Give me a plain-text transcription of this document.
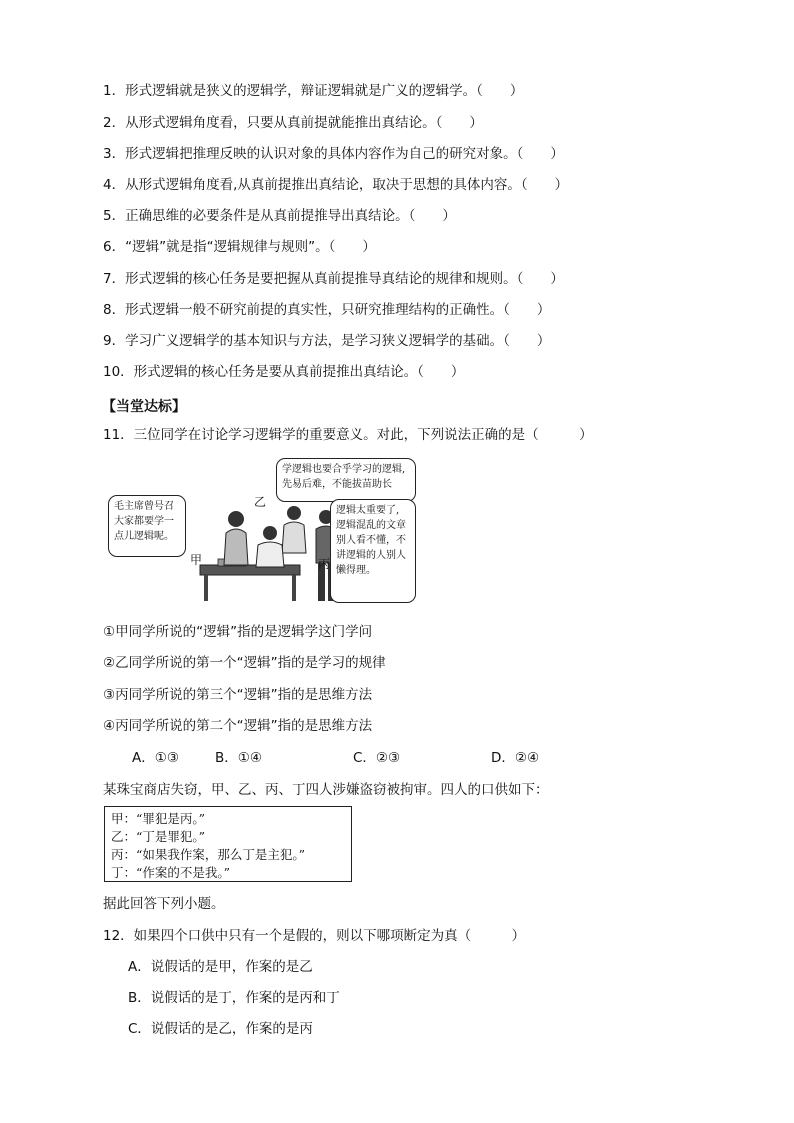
1．形式逻辑就是狭义的逻辑学，辩证逻辑就是广义的逻辑学。（　　）
2．从形式逻辑角度看，只要从真前提就能推出真结论。（　　）
3．形式逻辑把推理反映的认识对象的具体内容作为自己的研究对象。（　　）
4．从形式逻辑角度看,从真前提推出真结论，取决于思想的具体内容。（　　）
5．正确思维的必要条件是从真前提推导出真结论。（　　）
6．“逻辑”就是指“逻辑规律与规则”。（　　）
7．形式逻辑的核心任务是要把握从真前提推导真结论的规律和规则。（　　）
8．形式逻辑一般不研究前提的真实性，只研究推理结构的正确性。（　　）
9．学习广义逻辑学的基本知识与方法，是学习狭义逻辑学的基础。（　　）
10．形式逻辑的核心任务是要从真前提推出真结论。（　　）
【当堂达标】
11．三位同学在讨论学习逻辑学的重要意义。对此，下列说法正确的是（　　　）
毛主席曾号召
大家都要学一
点儿逻辑呢。
学逻辑也要合乎学习的逻辑,
先易后难，不能拔苗助长
逻辑太重要了,
逻辑混乱的文章
别人看不懂，不
讲逻辑的人别人
懒得理。
甲
乙
丙
①甲同学所说的“逻辑”指的是逻辑学这门学问
②乙同学所说的第一个“逻辑”指的是学习的规律
③丙同学所说的第三个“逻辑”指的是思维方法
④丙同学所说的第二个“逻辑”指的是思维方法
A．①③	B．①④	C．②③	D．②④
某珠宝商店失窃，甲、乙、丙、丁四人涉嫌盗窃被拘审。四人的口供如下：
甲：“罪犯是丙。”
乙：“丁是罪犯。”
丙：“如果我作案，那么丁是主犯。”
丁：“作案的不是我。”
据此回答下列小题。
12．如果四个口供中只有一个是假的，则以下哪项断定为真（　　　）
A．说假话的是甲，作案的是乙
B．说假话的是丁，作案的是丙和丁
C．说假话的是乙，作案的是丙
